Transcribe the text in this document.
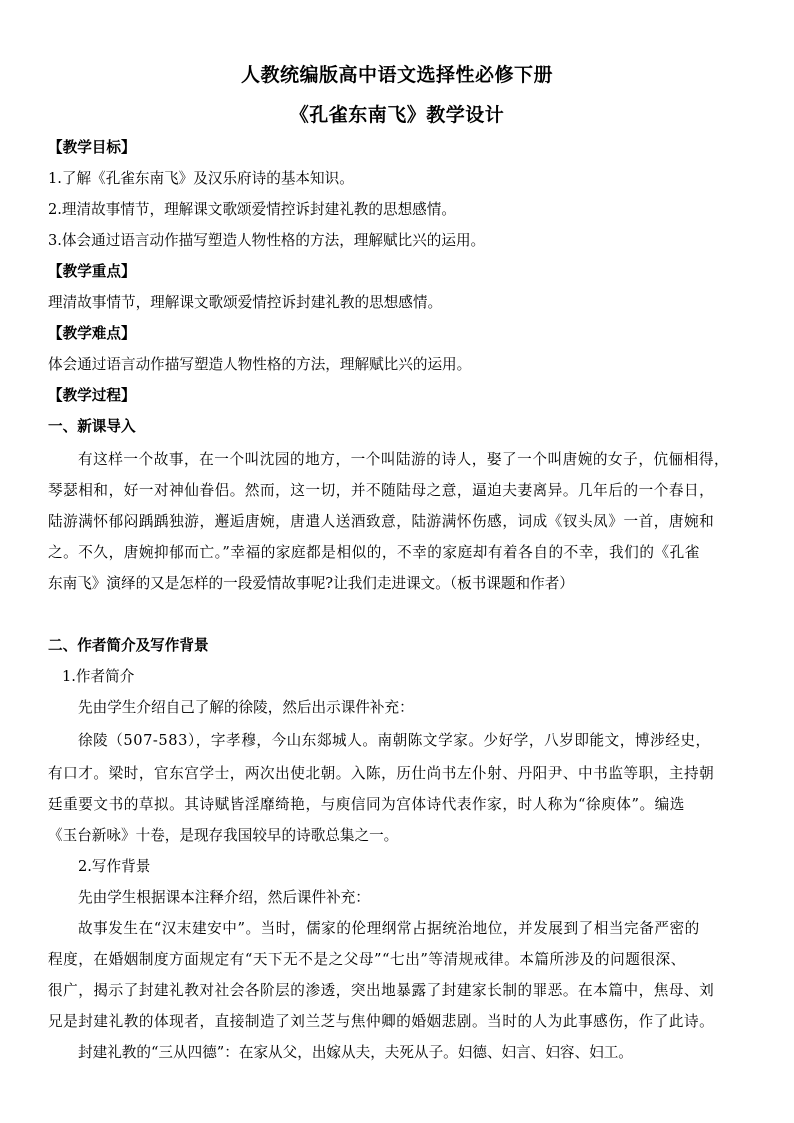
人教统编版高中语文选择性必修下册
《孔雀东南飞》教学设计
【教学目标】
1.了解《孔雀东南飞》及汉乐府诗的基本知识。
2.理清故事情节，理解课文歌颂爱情控诉封建礼教的思想感情。
3.体会通过语言动作描写塑造人物性格的方法，理解赋比兴的运用。
【教学重点】
理清故事情节，理解课文歌颂爱情控诉封建礼教的思想感情。
【教学难点】
体会通过语言动作描写塑造人物性格的方法，理解赋比兴的运用。
【教学过程】
一、新课导入
有这样一个故事，在一个叫沈园的地方，一个叫陆游的诗人，娶了一个叫唐婉的女子，伉俪相得，
琴瑟相和，好一对神仙眷侣。然而，这一切，并不随陆母之意，逼迫夫妻离异。几年后的一个春日，
陆游满怀郁闷踽踽独游，邂逅唐婉，唐遣人送酒致意，陆游满怀伤感，词成《钗头凤》一首，唐婉和
之。不久，唐婉抑郁而亡。”幸福的家庭都是相似的，不幸的家庭却有着各自的不幸，我们的《孔雀
东南飞》演绎的又是怎样的一段爱情故事呢?让我们走进课文。（板书课题和作者）
二、作者简介及写作背景
1.作者简介
先由学生介绍自己了解的徐陵，然后出示课件补充：
徐陵（507-583），字孝穆，今山东郯城人。南朝陈文学家。少好学，八岁即能文，博涉经史，
有口才。梁时，官东宫学士，两次出使北朝。入陈，历仕尚书左仆射、丹阳尹、中书监等职，主持朝
廷重要文书的草拟。其诗赋皆淫靡绮艳，与庾信同为宫体诗代表作家，时人称为“徐庾体”。编选
《玉台新咏》十卷，是现存我国较早的诗歌总集之一。
2.写作背景
先由学生根据课本注释介绍，然后课件补充：
故事发生在“汉末建安中”。当时，儒家的伦理纲常占据统治地位，并发展到了相当完备严密的
程度，在婚姻制度方面规定有“天下无不是之父母”“七出”等清规戒律。本篇所涉及的问题很深、
很广，揭示了封建礼教对社会各阶层的渗透，突出地暴露了封建家长制的罪恶。在本篇中，焦母、刘
兄是封建礼教的体现者，直接制造了刘兰芝与焦仲卿的婚姻悲剧。当时的人为此事感伤，作了此诗。
封建礼教的“三从四德”：在家从父，出嫁从夫，夫死从子。妇德、妇言、妇容、妇工。
